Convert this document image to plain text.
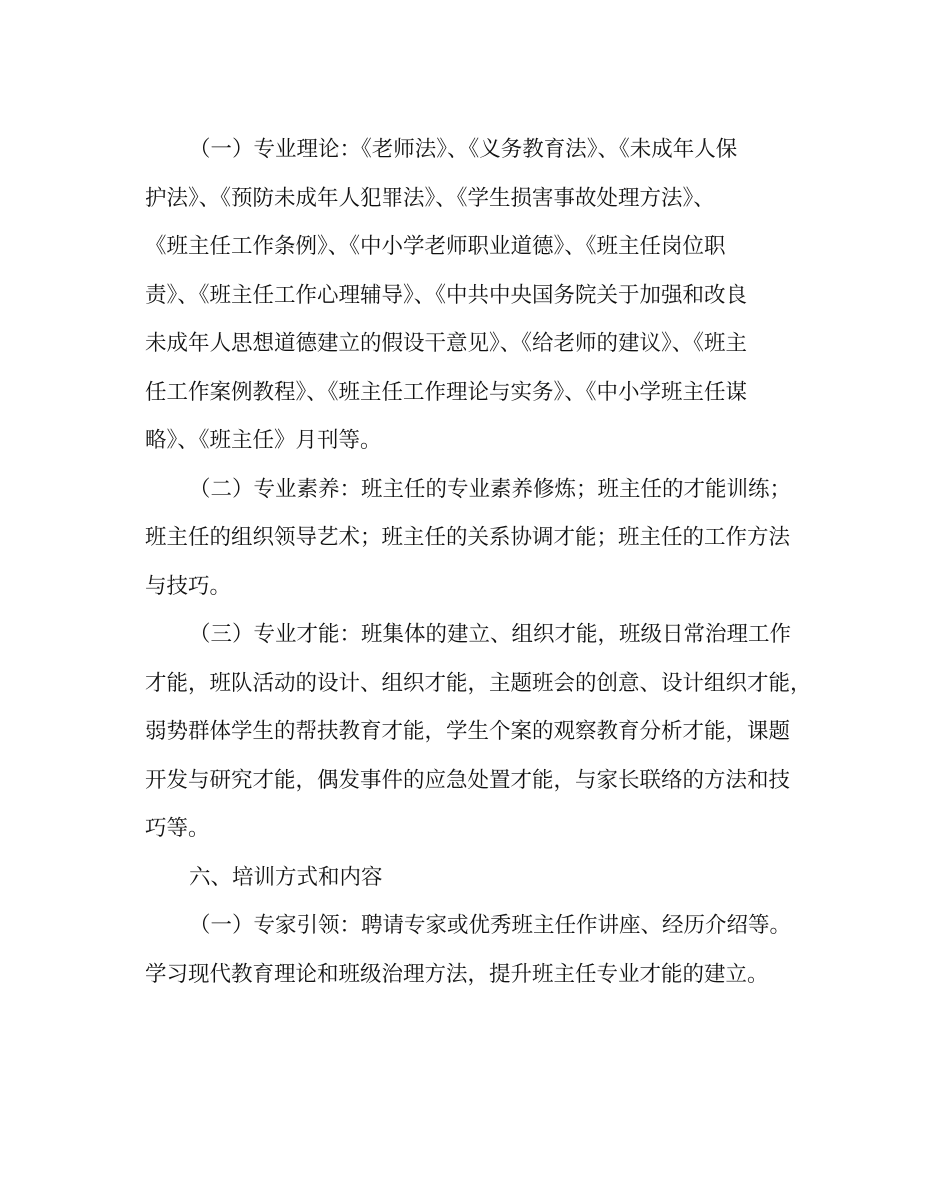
（一）专业理论：《老师法》、《义务教育法》、《未成年人保
护法》、《预防未成年人犯罪法》、《学生损害事故处理方法》、
《班主任工作条例》、《中小学老师职业道德》、《班主任岗位职
责》、《班主任工作心理辅导》、《中共中央国务院关于加强和改良
未成年人思想道德建立的假设干意见》、《给老师的建议》、《班主
任工作案例教程》、《班主任工作理论与实务》、《中小学班主任谋
略》、《班主任》月刊等。
（二）专业素养：班主任的专业素养修炼；班主任的才能训练；
班主任的组织领导艺术；班主任的关系协调才能；班主任的工作方法
与技巧。
（三）专业才能：班集体的建立、组织才能，班级日常治理工作
才能，班队活动的设计、组织才能，主题班会的创意、设计组织才能，
弱势群体学生的帮扶教育才能，学生个案的观察教育分析才能，课题
开发与研究才能，偶发事件的应急处置才能，与家长联络的方法和技
巧等。
六、培训方式和内容
（一）专家引领：聘请专家或优秀班主任作讲座、经历介绍等。
学习现代教育理论和班级治理方法，提升班主任专业才能的建立。
